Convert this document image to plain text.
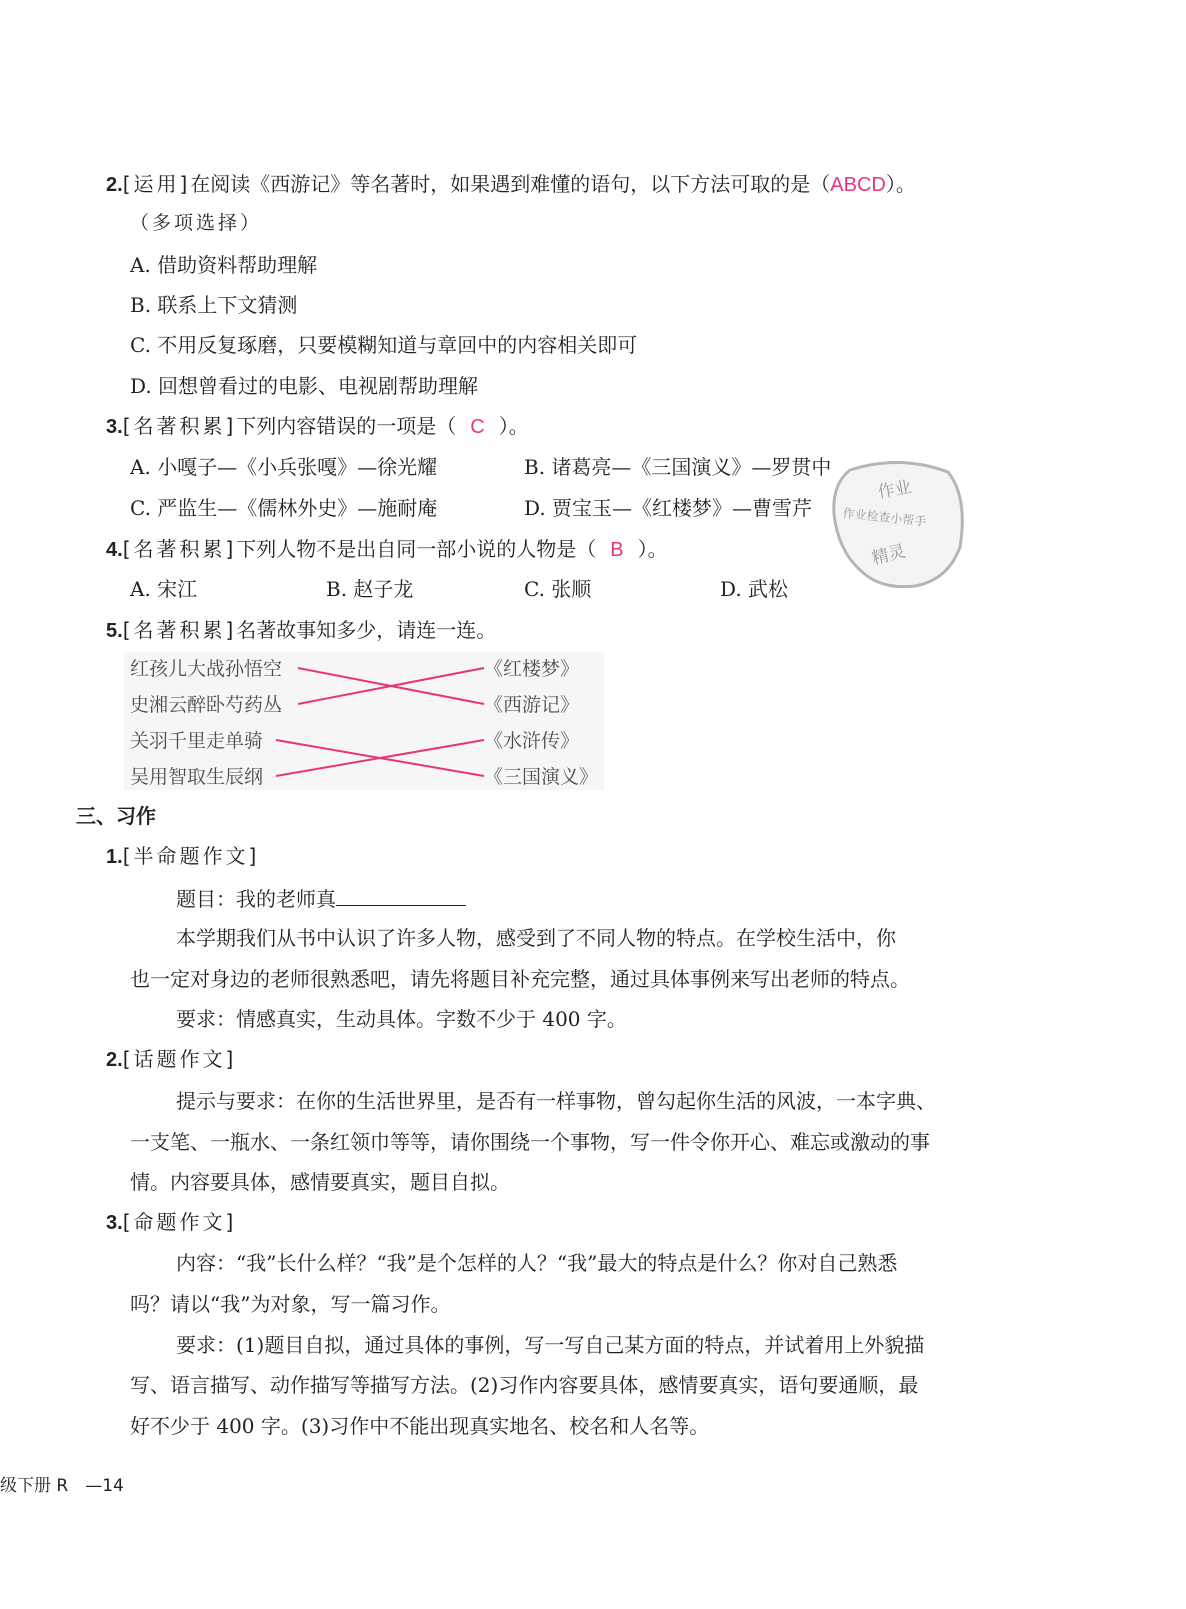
2.[运用]在阅读《西游记》等名著时，如果遇到难懂的语句，以下方法可取的是（ABCD）。
（多项选择）
A. 借助资料帮助理解
B. 联系上下文猜测
C. 不用反复琢磨，只要模糊知道与章回中的内容相关即可
D. 回想曾看过的电影、电视剧帮助理解
3.[名著积累]下列内容错误的一项是（ C ）。
A. 小嘎子—《小兵张嘎》—徐光耀	B. 诸葛亮—《三国演义》—罗贯中
C. 严监生—《儒林外史》—施耐庵	D. 贾宝玉—《红楼梦》—曹雪芹
作业
作业检查小帮手
精灵
4.[名著积累]下列人物不是出自同一部小说的人物是（ B ）。
A. 宋江	B. 赵子龙	C. 张顺	D. 武松
5.[名著积累]名著故事知多少，请连一连。
红孩儿大战孙悟空
史湘云醉卧芍药丛
关羽千里走单骑
吴用智取生辰纲
《红楼梦》
《西游记》
《水浒传》
《三国演义》
三、习作
1.[半命题作文]
题目：我的老师真
本学期我们从书中认识了许多人物，感受到了不同人物的特点。在学校生活中，你
也一定对身边的老师很熟悉吧，请先将题目补充完整，通过具体事例来写出老师的特点。
要求：情感真实，生动具体。字数不少于 400 字。
2.[话题作文]
提示与要求：在你的生活世界里，是否有一样事物，曾勾起你生活的风波，一本字典、
一支笔、一瓶水、一条红领巾等等，请你围绕一个事物，写一件令你开心、难忘或激动的事
情。内容要具体，感情要真实，题目自拟。
3.[命题作文]
内容：“我”长什么样？“我”是个怎样的人？“我”最大的特点是什么？你对自己熟悉
吗？请以“我”为对象，写一篇习作。
要求：(1)题目自拟，通过具体的事例，写一写自己某方面的特点，并试着用上外貌描
写、语言描写、动作描写等描写方法。(2)习作内容要具体，感情要真实，语句要通顺，最
好不少于 400 字。(3)习作中不能出现真实地名、校名和人名等。
级下册 R　—14
